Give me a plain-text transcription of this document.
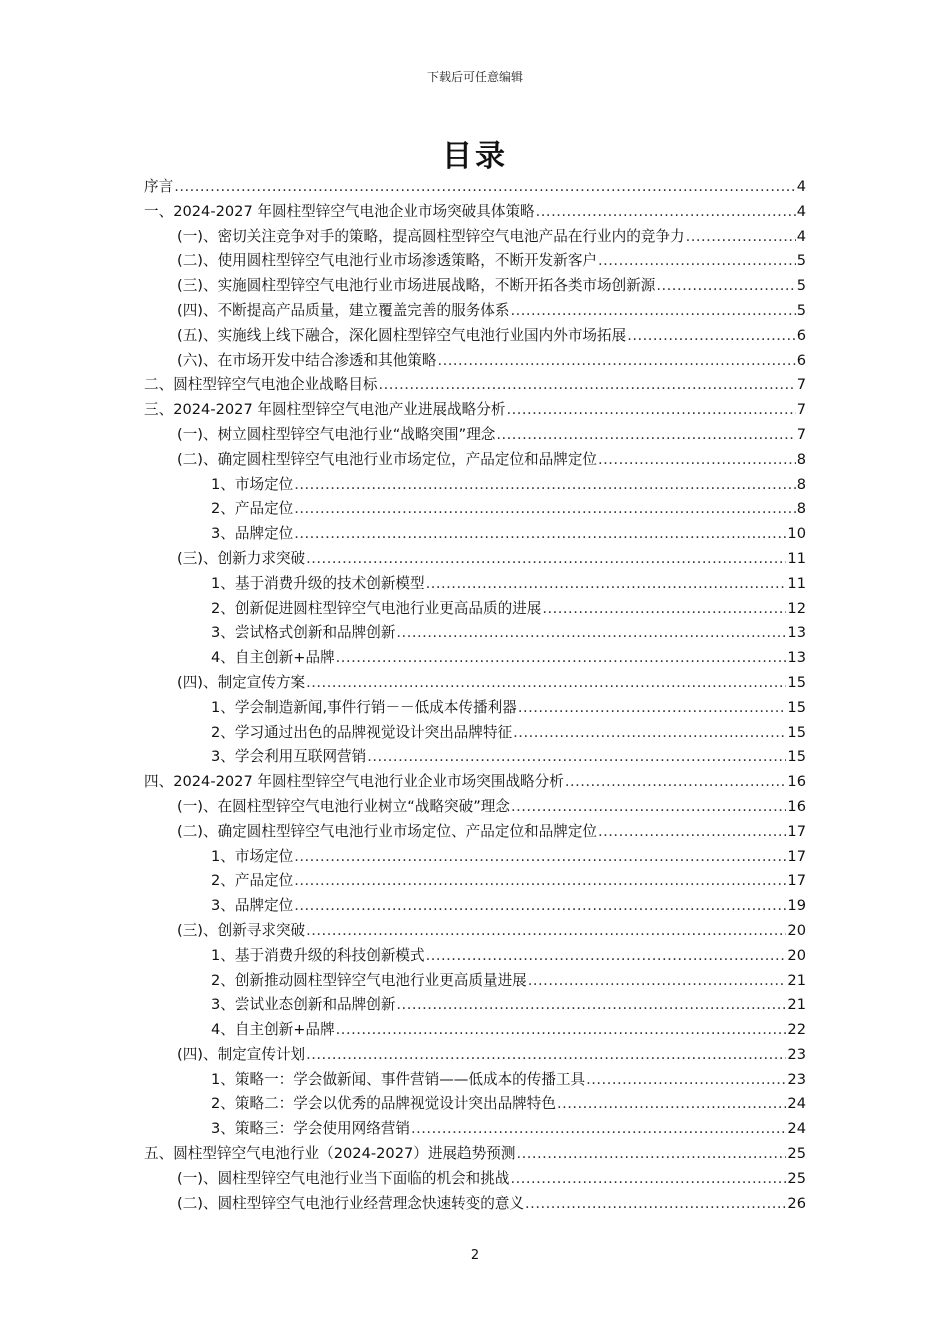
下载后可任意编辑
目录
序言 .....	4
一、2024-2027 年圆柱型锌空气电池企业市场突破具体策略 .....	4
(一)、密切关注竞争对手的策略，提高圆柱型锌空气电池产品在行业内的竞争力 .....	4
(二)、使用圆柱型锌空气电池行业市场渗透策略，不断开发新客户 .....	5
(三)、实施圆柱型锌空气电池行业市场进展战略，不断开拓各类市场创新源 .....	5
(四)、不断提高产品质量，建立覆盖完善的服务体系 .....	5
(五)、实施线上线下融合，深化圆柱型锌空气电池行业国内外市场拓展 .....	6
(六)、在市场开发中结合渗透和其他策略 .....	6
二、圆柱型锌空气电池企业战略目标 .....	7
三、2024-2027 年圆柱型锌空气电池产业进展战略分析 .....	7
(一)、树立圆柱型锌空气电池行业“战略突围”理念 .....	7
(二)、确定圆柱型锌空气电池行业市场定位，产品定位和品牌定位 .....	8
1、市场定位 .....	8
2、产品定位 .....	8
3、品牌定位 .....	10
(三)、创新力求突破 .....	11
1、基于消费升级的技术创新模型 .....	11
2、创新促进圆柱型锌空气电池行业更高品质的进展 .....	12
3、尝试格式创新和品牌创新 .....	13
4、自主创新+品牌 .....	13
(四)、制定宣传方案 .....	15
1、学会制造新闻,事件行销－－低成本传播利器 .....	15
2、学习通过出色的品牌视觉设计突出品牌特征 .....	15
3、学会利用互联网营销 .....	15
四、2024-2027 年圆柱型锌空气电池行业企业市场突围战略分析 .....	16
(一)、在圆柱型锌空气电池行业树立“战略突破”理念 .....	16
(二)、确定圆柱型锌空气电池行业市场定位、产品定位和品牌定位 .....	17
1、市场定位 .....	17
2、产品定位 .....	17
3、品牌定位 .....	19
(三)、创新寻求突破 .....	20
1、基于消费升级的科技创新模式 .....	20
2、创新推动圆柱型锌空气电池行业更高质量进展 .....	21
3、尝试业态创新和品牌创新 .....	21
4、自主创新+品牌 .....	22
(四)、制定宣传计划 .....	23
1、策略一：学会做新闻、事件营销——低成本的传播工具 .....	23
2、策略二：学会以优秀的品牌视觉设计突出品牌特色 .....	24
3、策略三：学会使用网络营销 .....	24
五、圆柱型锌空气电池行业（2024-2027）进展趋势预测 .....	25
(一)、圆柱型锌空气电池行业当下面临的机会和挑战 .....	25
(二)、圆柱型锌空气电池行业经营理念快速转变的意义 .....	26
2
